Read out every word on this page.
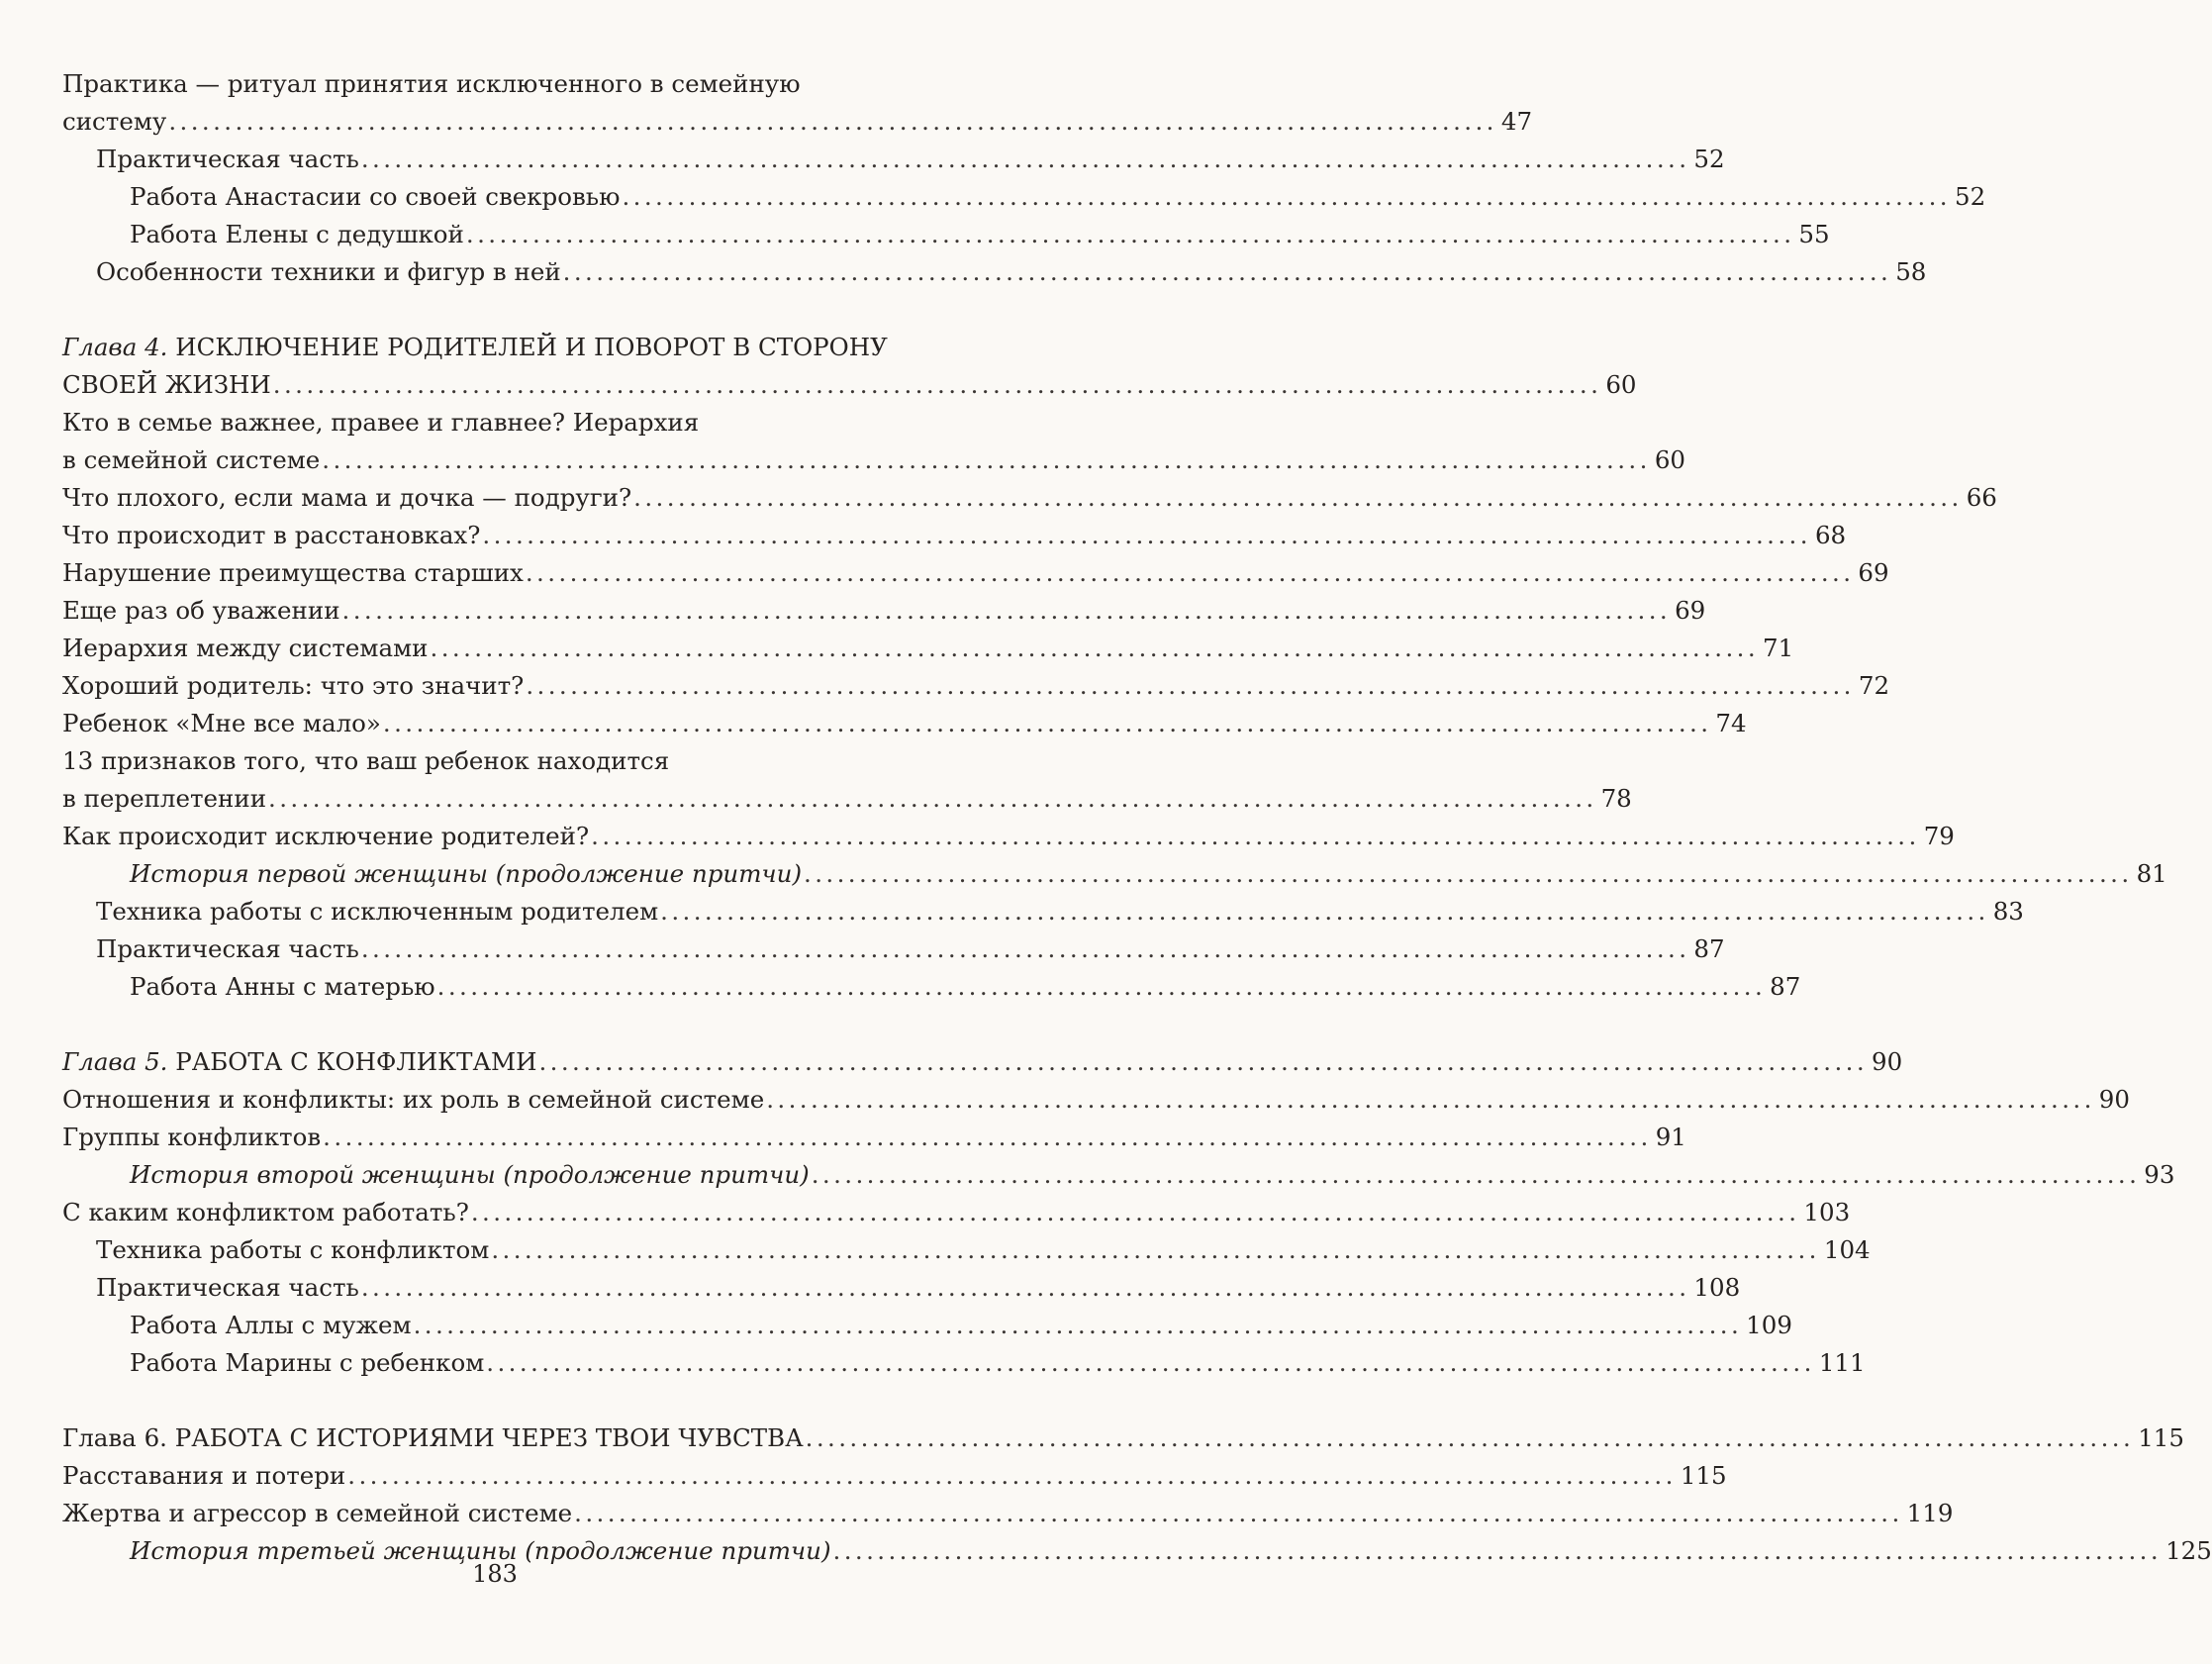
Практика — ритуал принятия исключенного в семейную
систему ........................................................................................................................ 47
Практическая часть ........................................................................................................................ 52
Работа Анастасии со своей свекровью ........................................................................................................................ 52
Работа Елены с дедушкой ........................................................................................................................ 55
Особенности техники и фигур в ней ........................................................................................................................ 58
Глава 4. ИСКЛЮЧЕНИЕ РОДИТЕЛЕЙ И ПОВОРОТ В СТОРОНУ
СВОЕЙ ЖИЗНИ ........................................................................................................................ 60
Кто в семье важнее, правее и главнее? Иерархия
в семейной системе ........................................................................................................................ 60
Что плохого, если мама и дочка — подруги? ........................................................................................................................ 66
Что происходит в расстановках? ........................................................................................................................ 68
Нарушение преимущества старших ........................................................................................................................ 69
Еще раз об уважении ........................................................................................................................ 69
Иерархия между системами ........................................................................................................................ 71
Хороший родитель: что это значит? ........................................................................................................................ 72
Ребенок «Мне все мало» ........................................................................................................................ 74
13 признаков того, что ваш ребенок находится
в переплетении ........................................................................................................................ 78
Как происходит исключение родителей? ........................................................................................................................ 79
История первой женщины (продолжение притчи) ........................................................................................................................ 81
Техника работы с исключенным родителем ........................................................................................................................ 83
Практическая часть ........................................................................................................................ 87
Работа Анны с матерью ........................................................................................................................ 87
Глава 5. РАБОТА С КОНФЛИКТАМИ ........................................................................................................................ 90
Отношения и конфликты: их роль в семейной системе ........................................................................................................................ 90
Группы конфликтов ........................................................................................................................ 91
История второй женщины (продолжение притчи) ........................................................................................................................ 93
С каким конфликтом работать? ........................................................................................................................ 103
Техника работы с конфликтом ........................................................................................................................ 104
Практическая часть ........................................................................................................................ 108
Работа Аллы с мужем ........................................................................................................................ 109
Работа Марины с ребенком ........................................................................................................................ 111
Глава 6. РАБОТА С ИСТОРИЯМИ ЧЕРЕЗ ТВОИ ЧУВСТВА ........................................................................................................................ 115
Расставания и потери ........................................................................................................................ 115
Жертва и агрессор в семейной системе ........................................................................................................................ 119
История третьей женщины (продолжение притчи) ........................................................................................................................ 125
183
